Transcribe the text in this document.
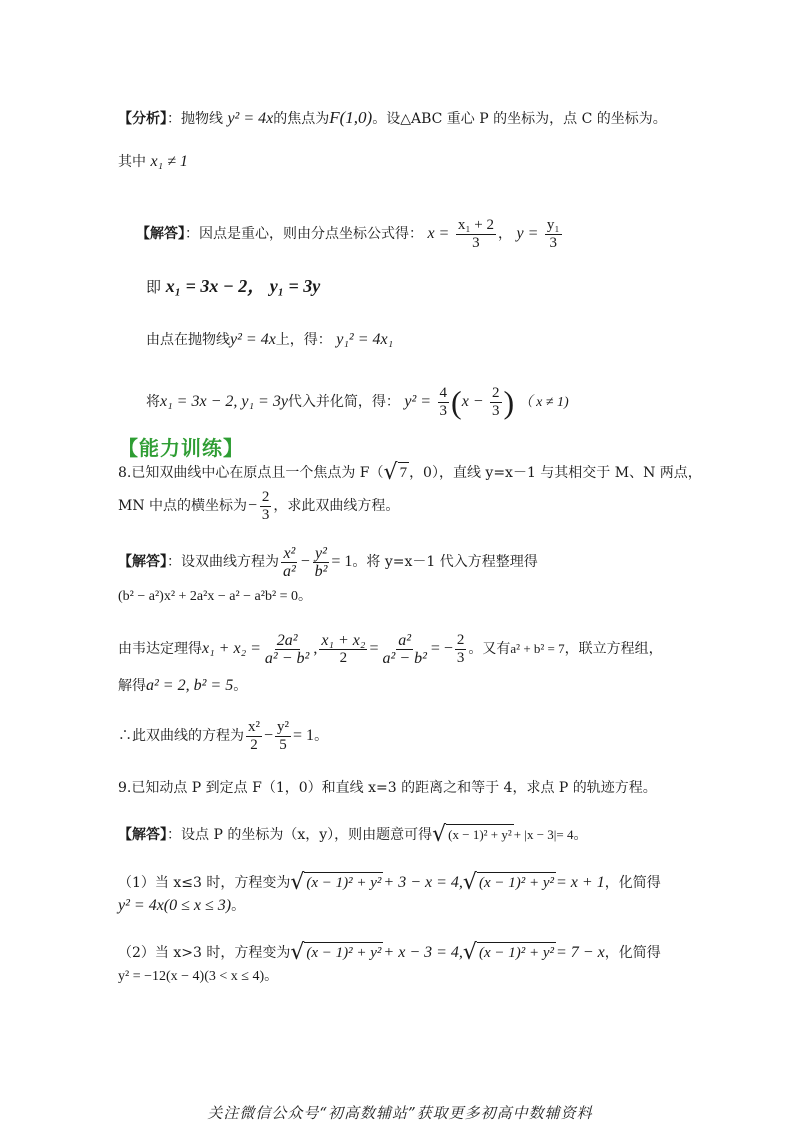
【分析】：抛物线 y² = 4x的焦点为F(1,0)。设△ABC 重心 P 的坐标为，点 C 的坐标为。
其中 x₁ ≠ 1
【解答】：因点是重心，则由分点坐标公式得： $x = \frac{\text{x₁ + 2}}{3}$ ， $y = \frac{\text{y₁}}{3}$
即 x₁ = 3x − 2， y₁ = 3y
由点在抛物线y² = 4x上，得： y₁² = 4x₁
将x₁ = 3x − 2, y₁ = 3y代入并化简，得： $y^2 = \frac{4}{3} (x - \frac{2}{3}$ ) （ x ≠ 1)
【能力训练】
8.已知双曲线中心在原点且一个焦点为 F（ √ 7 ，0），直线 y=x－1 与其相交于 M、N 两点，
MN 中点的横坐标为− $\frac{2}{3}$ ，求此双曲线方程。
【解答】：设双曲线方程为 $\frac{\text{x²}}{\text{a²}} - \frac{\text{y²}}{\text{b²}} = 1$。将 y=x－1 代入方程整理得
(b² − a²)x² + 2a²x − a² − a²b² = 0。
由韦达定理得$x_1 + x_2 = \frac{\text{2a²}}{\text{a² − b²}}$ , $\frac{\text{x₁ + x₂}}{2} = \frac{\text{a²}}{\text{a² − b²}}$ = − $\frac{2}{3}$ 。又有a² + b² = 7，联立方程组，
解得a² = 2, b² = 5。
∴此双曲线的方程为 $\frac{\text{x²}}{2} - \frac{\text{y²}}{5} = 1$。
9.已知动点 P 到定点 F（1，0）和直线 x=3 的距离之和等于 4，求点 P 的轨迹方程。
【解答】：设点 P 的坐标为（x，y），则由题意可得 √ (x − 1)² + y² + |x − 3|= 4。
（1）当 x≤3 时，方程变为 √ (x − 1)² + y² + 3 − x = 4, √ (x − 1)² + y² = x + 1，化简得
y² = 4x(0 ≤ x ≤ 3)。
（2）当 x>3 时，方程变为 √ (x − 1)² + y² + x − 3 = 4, √ (x − 1)² + y² = 7 − x，化简得
y² = −12(x − 4)(3 < x ≤ 4)。
关注微信公众号“初高数辅站”获取更多初高中数辅资料
